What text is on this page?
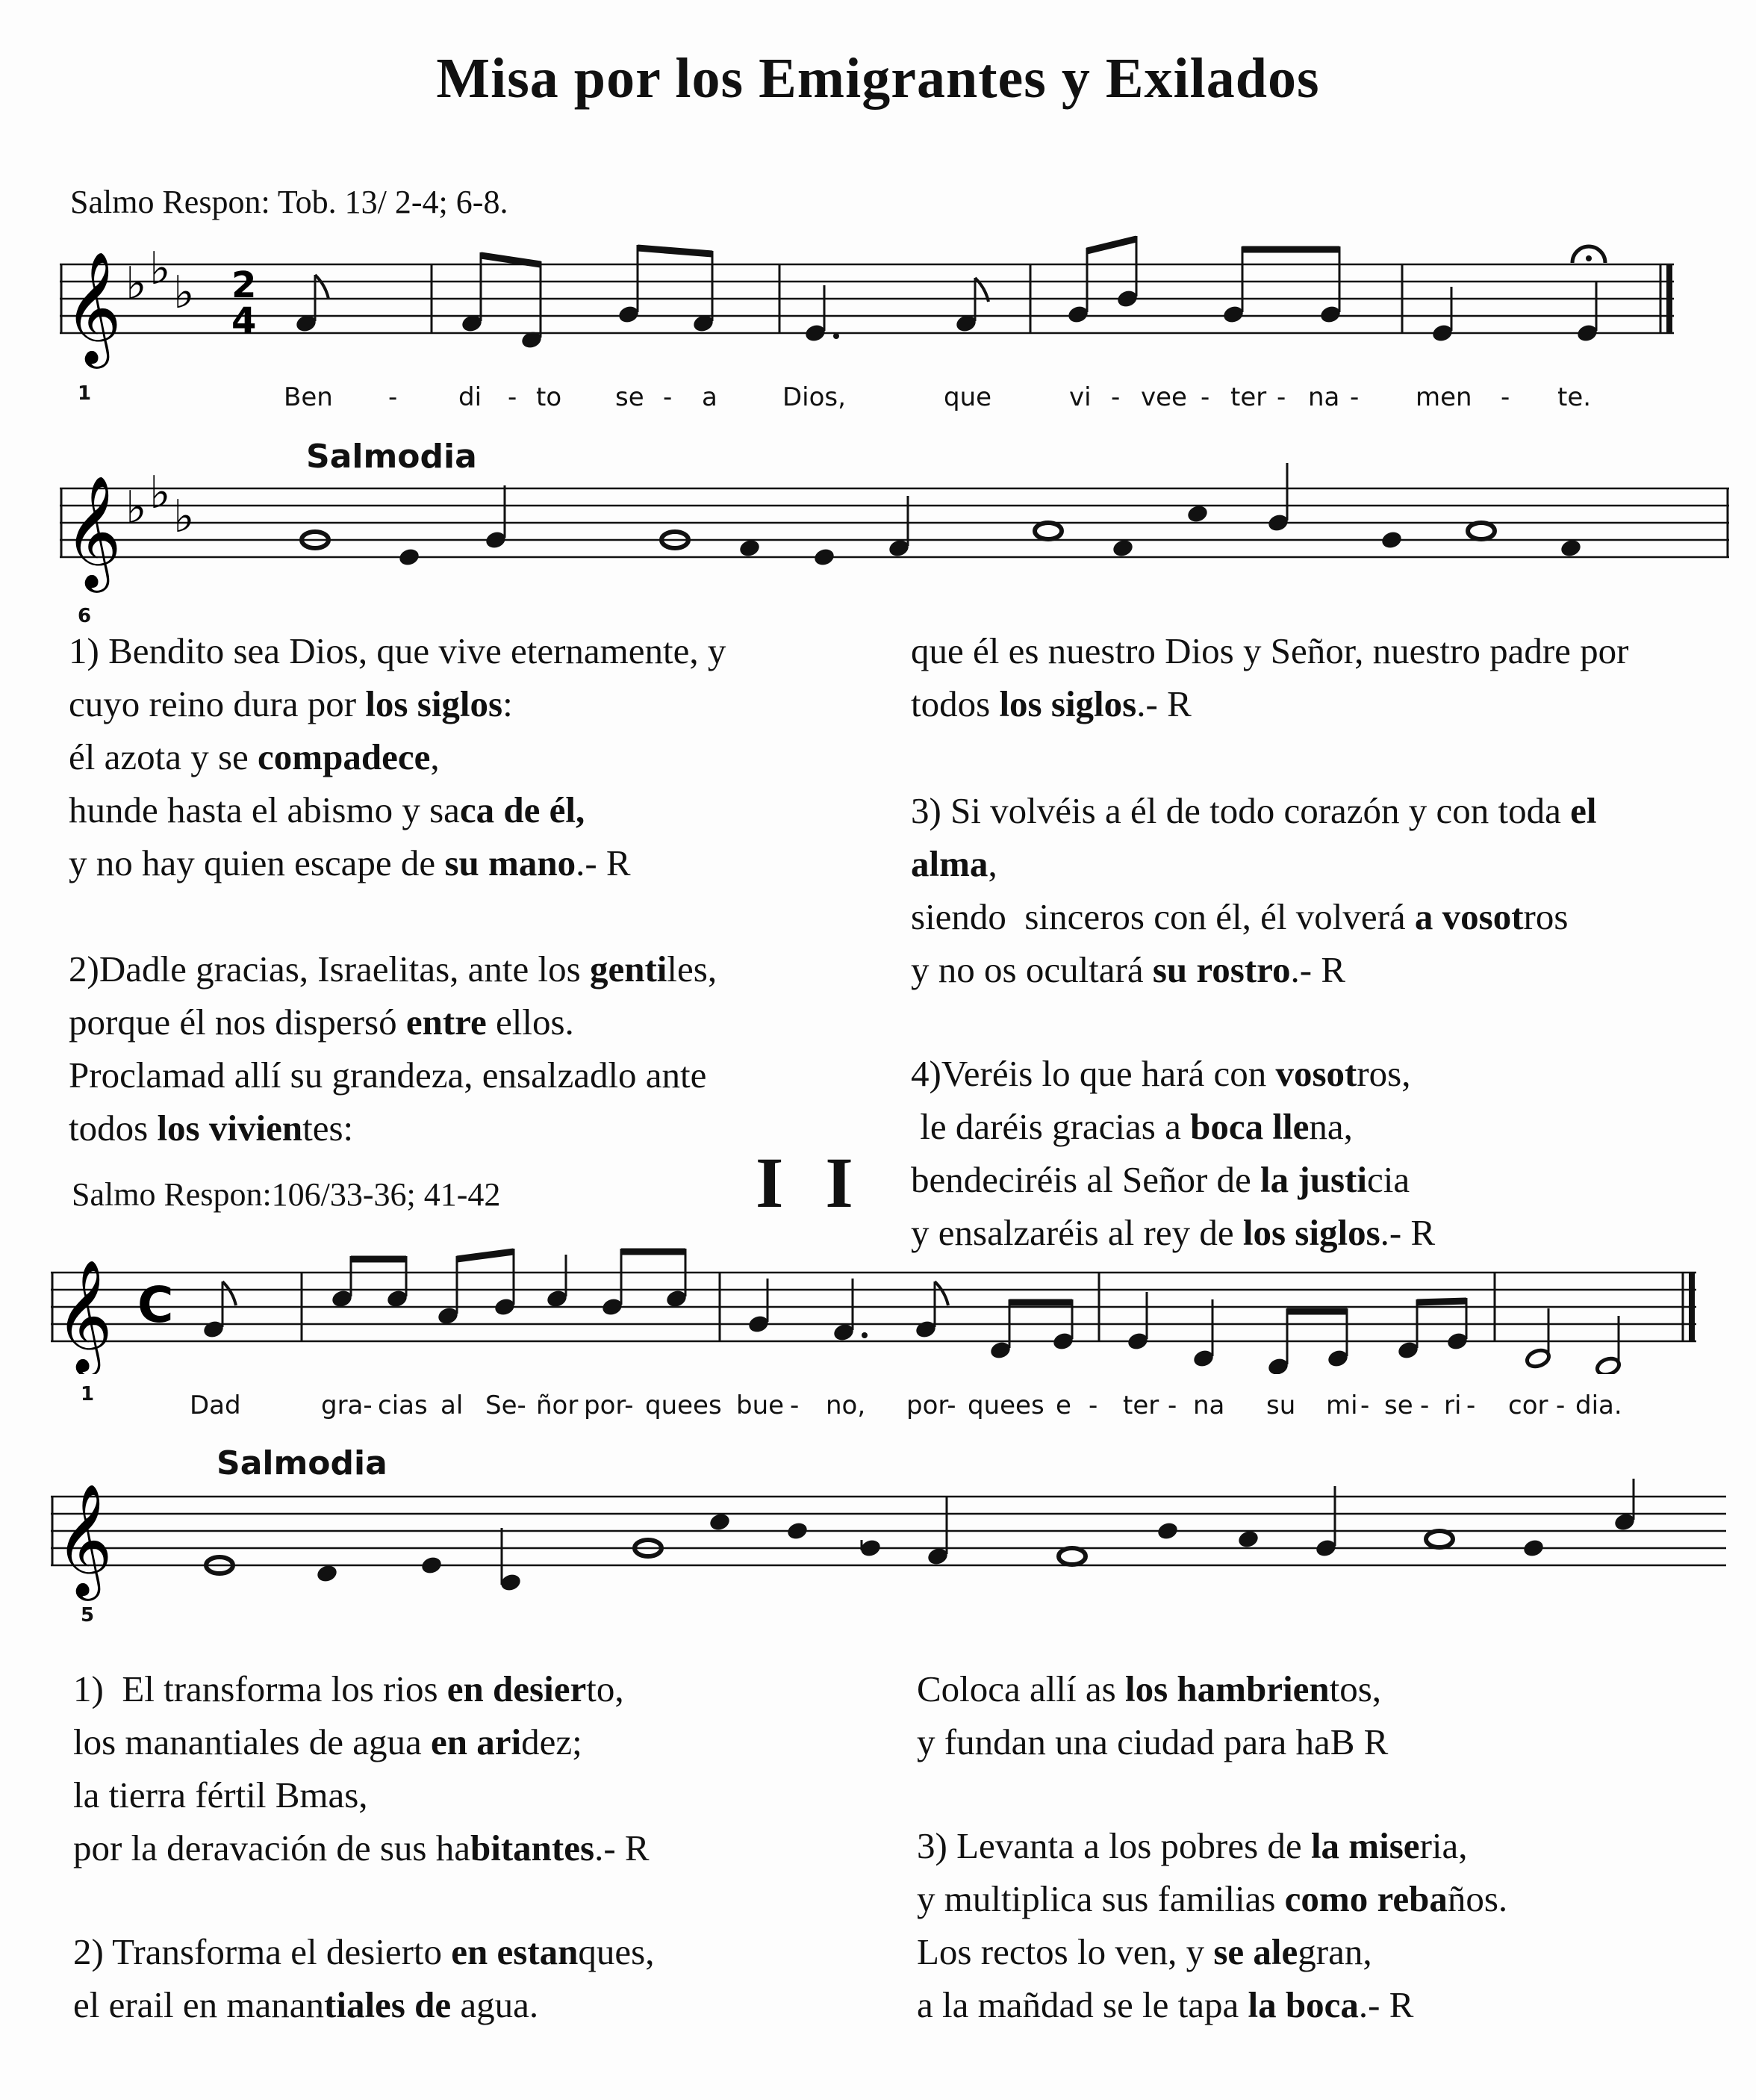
Misa por los Emigrantes y Exilados
Salmo Respon: Tob. 13/ 2-4; 6-8.
𝄞 ♭ ♭ ♭ 2
4
1	Ben - di - to se - a	Dios,	que	vi - vee - ter - na - men - te.
Salmodia
𝄞 ♭ ♭ ♭
6

1) Bendito sea Dios, que vive eternamente, y

cuyo reino dura por los siglos:

él azota y se compadece,

hunde hasta el abismo y saca de él,

y no hay quien escape de su mano.- R

2)Dadle gracias, Israelitas, ante los gentiles,

porque él nos dispersó entre ellos.

Proclamad allí su grandeza, ensalzadlo ante

todos los vivientes:

que él es nuestro Dios y Señor, nuestro padre por

todos los siglos.- R

3) Si volvéis a él de todo corazón y con toda el

alma,

siendo  sinceros con él, él volverá a vosotros

y no os ocultará su rostro.- R

4)Veréis lo que hará con vosotros,

le daréis gracias a boca llena,

bendeciréis al Señor de la justicia

y ensalzaréis al rey de los siglos.- R

I I
Salmo Respon:106/33-36; 41-42
𝄞 C
1	Dad	gra- cias al Se- ñor por- quees bue - no, por- quees e - ter - na su mi - se - ri - cor - dia.
Salmodia
𝄞
5

1)  El transforma los rios en desierto,

los manantiales de agua en aridez;

la tierra fértil Bmas,

por la deravación de sus habitantes.- R

2) Transforma el desierto en estanques,

el erail en manantiales de agua.

Coloca allí as los hambrientos,

y fundan una ciudad para haB R

3) Levanta a los pobres de la miseria,

y multiplica sus familias como rebaños.

Los rectos lo ven, y se alegran,

a la mañdad se le tapa la boca.- R
